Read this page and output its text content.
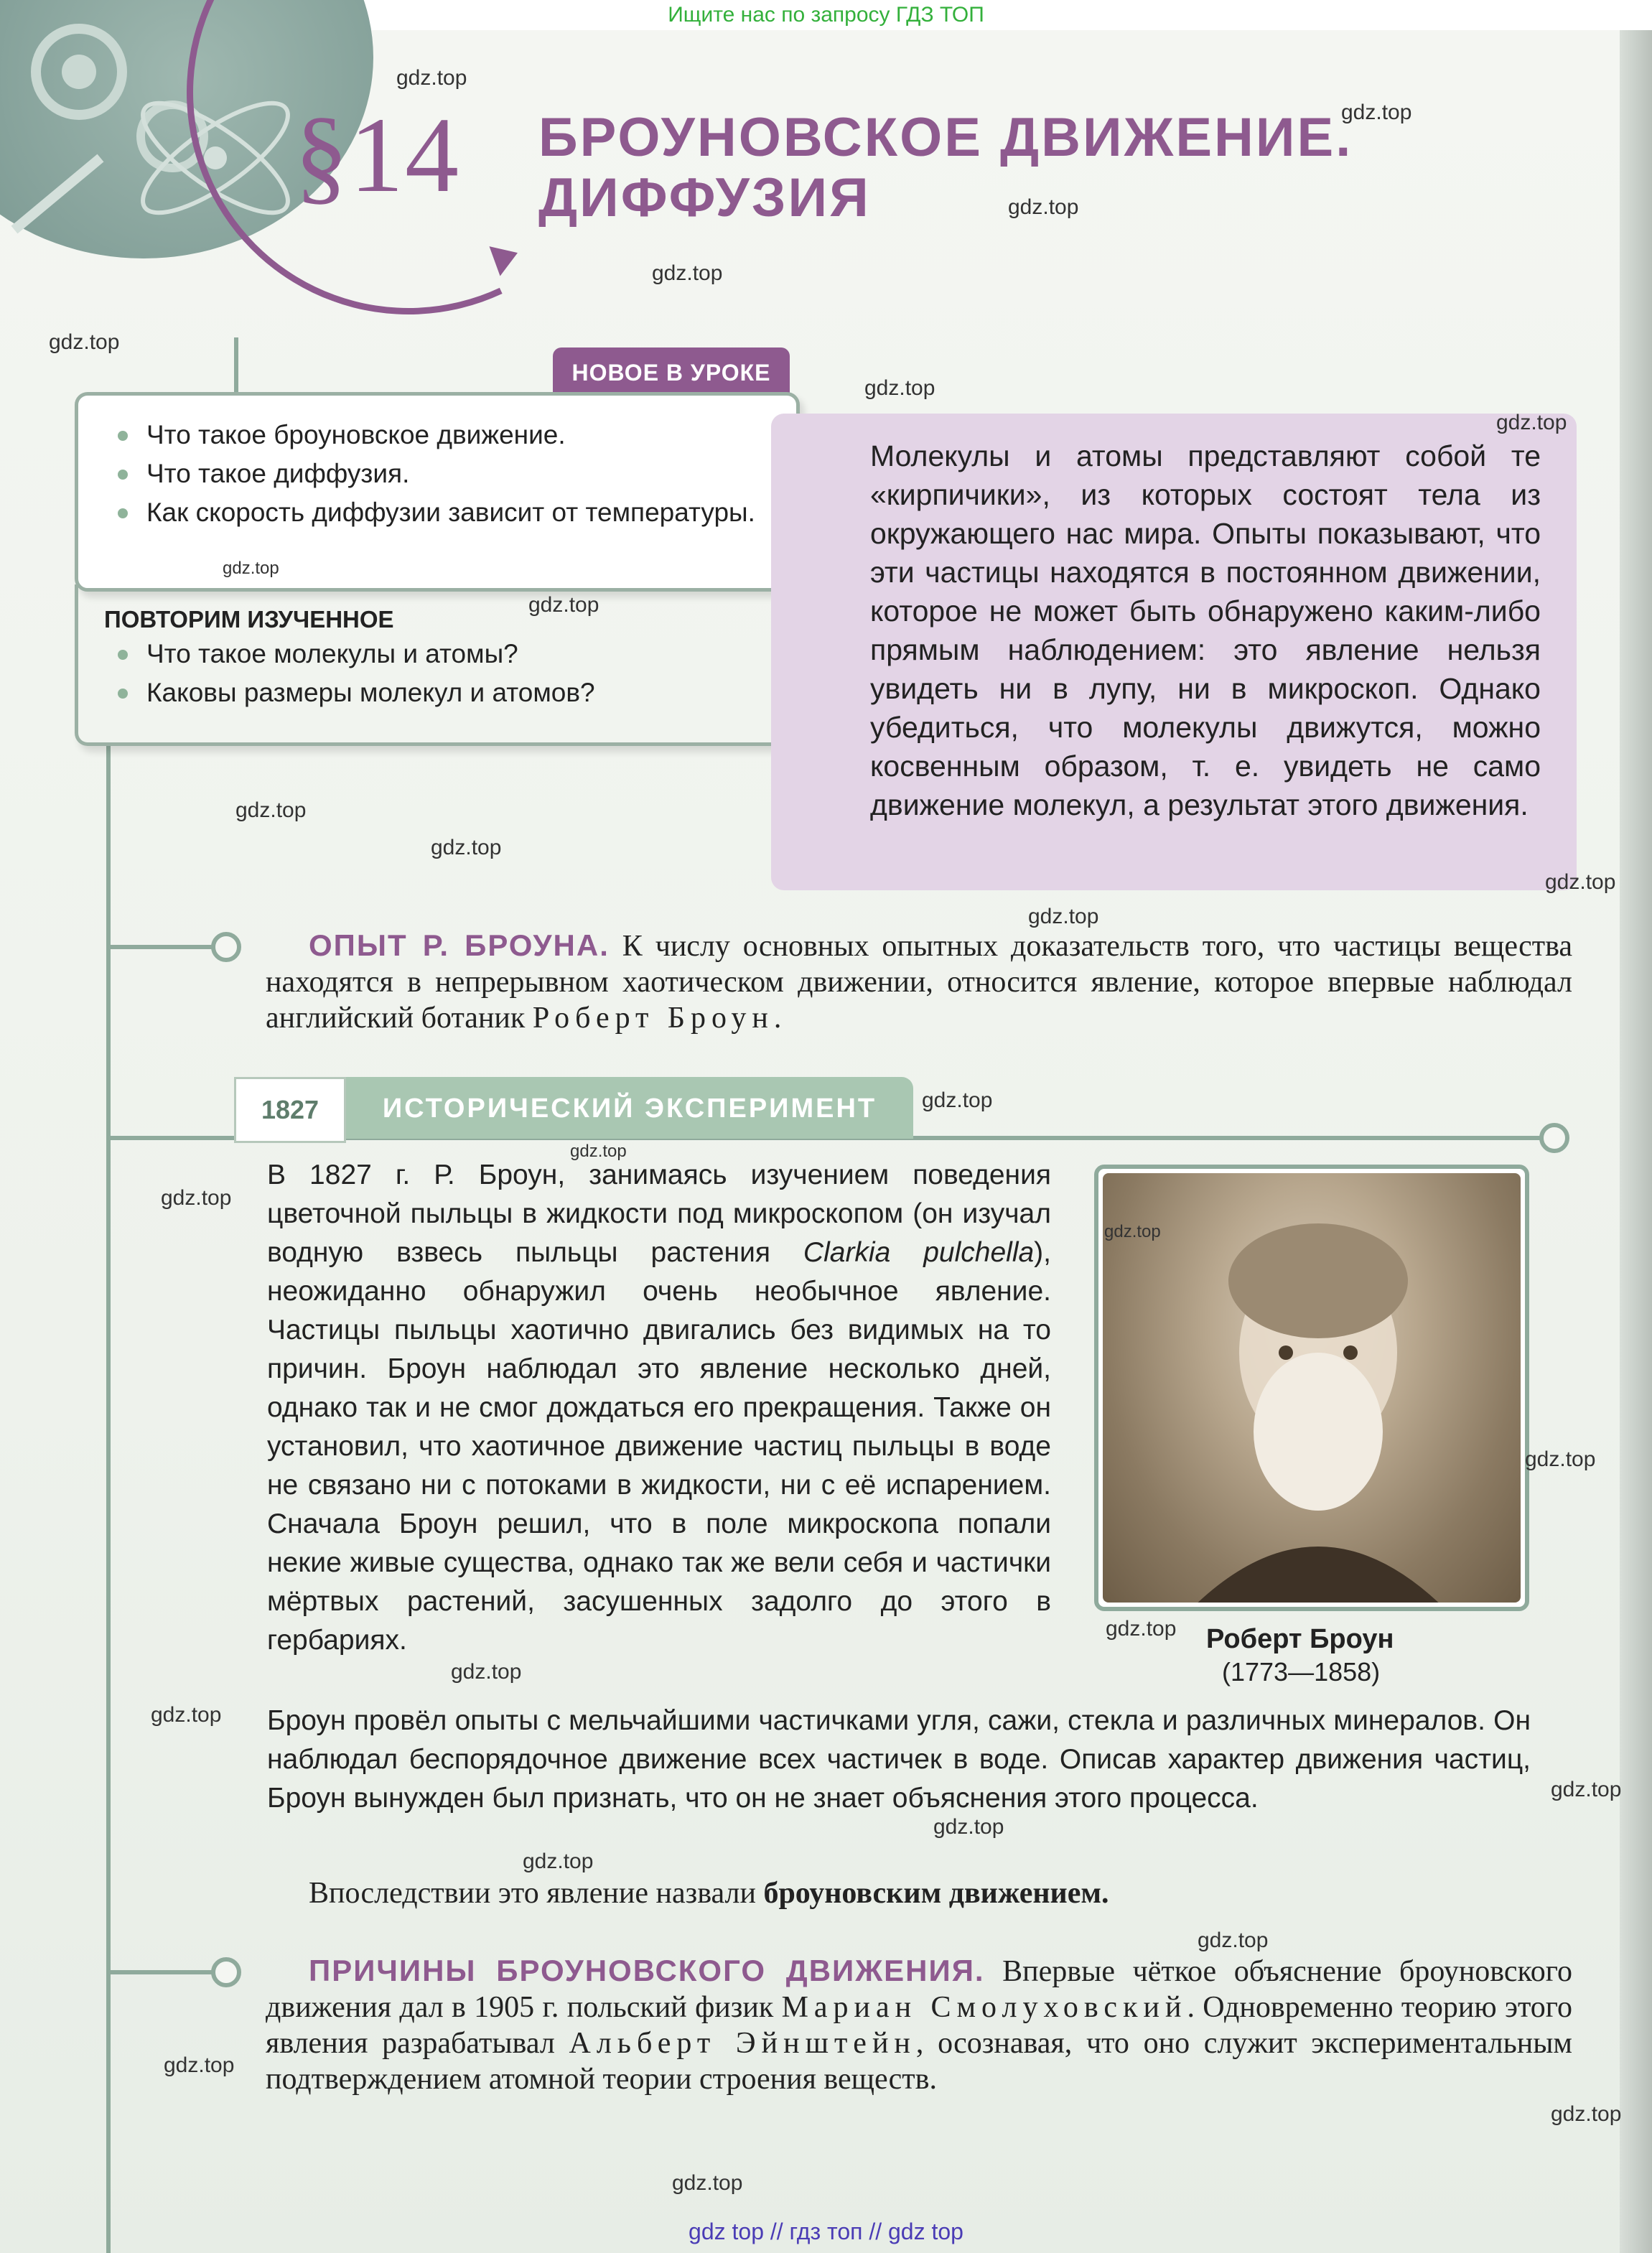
Ищите нас по запросу ГДЗ ТОП
§14 БРОУНОВСКОЕ ДВИЖЕНИЕ.
ДИФФУЗИЯ
НОВОЕ В УРОКЕ
Что такое броуновское движение.
Что такое диффузия.
Как скорость диффузии зависит от температуры.
ПОВТОРИМ ИЗУЧЕННОЕ
Что такое молекулы и атомы?
Каковы размеры молекул и атомов?
Молекулы и атомы представляют собой те «кирпичики», из которых состоят тела из окружающего нас мира. Опыты показывают, что эти частицы находятся в постоянном движении, которое не может быть обнаружено каким-либо прямым наблюдением: это явление нельзя увидеть ни в лупу, ни в микроскоп. Однако убедиться, что молекулы движутся, можно косвенным образом, т. е. увидеть не само движение молекул, а результат этого движения.
ОПЫТ Р. БРОУНА. К числу основных опытных доказательств того, что частицы вещества находятся в непрерывном хаотическом движении, относится явление, которое впервые наблюдал английский ботаник Роберт Броун.
1827	ИСТОРИЧЕСКИЙ ЭКСПЕРИМЕНТ
В 1827 г. Р. Броун, занимаясь изучением поведения цветочной пыльцы в жидкости под микроскопом (он изучал водную взвесь пыльцы растения Clarkia pulchella), неожиданно обнаружил очень необычное явление. Частицы пыльцы хаотично двигались без видимых на то причин. Броун наблюдал это явление несколько дней, однако так и не смог дождаться его прекращения. Также он установил, что хаотичное движение частиц пыльцы в воде не связано ни с потоками в жидкости, ни с её испарением. Сначала Броун решил, что в поле микроскопа попали некие живые существа, однако так же вели себя и частички мёртвых растений, засушенных задолго до этого в гербариях.	Роберт Броун
(1773—1858)
Броун провёл опыты с мельчайшими частичками угля, сажи, стекла и различных минералов. Он наблюдал беспорядочное движение всех частичек в воде. Описав характер движения частиц, Броун вынужден был признать, что он не знает объяснения этого процесса.
Впоследствии это явление назвали броуновским движением.
ПРИЧИНЫ БРОУНОВСКОГО ДВИЖЕНИЯ. Впервые чёткое объяснение броуновского движения дал в 1905 г. польский физик Мариан Смолуховский. Одновременно теорию этого явления разрабатывал Альберт Эйнштейн, осознавая, что оно служит экспериментальным подтверждением атомной теории строения веществ.
gdz.top
gdz.top
gdz.top
gdz.top
gdz.top
gdz.top
gdz.top
gdz.top
gdz.top
gdz.top
gdz.top
gdz.top
gdz.top
gdz.top
gdz.top
gdz.top
gdz.top
gdz.top
gdz.top
gdz.top
gdz.top
gdz.top
gdz.top
gdz.top
gdz.top
gdz.top
gdz.top
gdz.top
gdz top // гдз топ // gdz top
